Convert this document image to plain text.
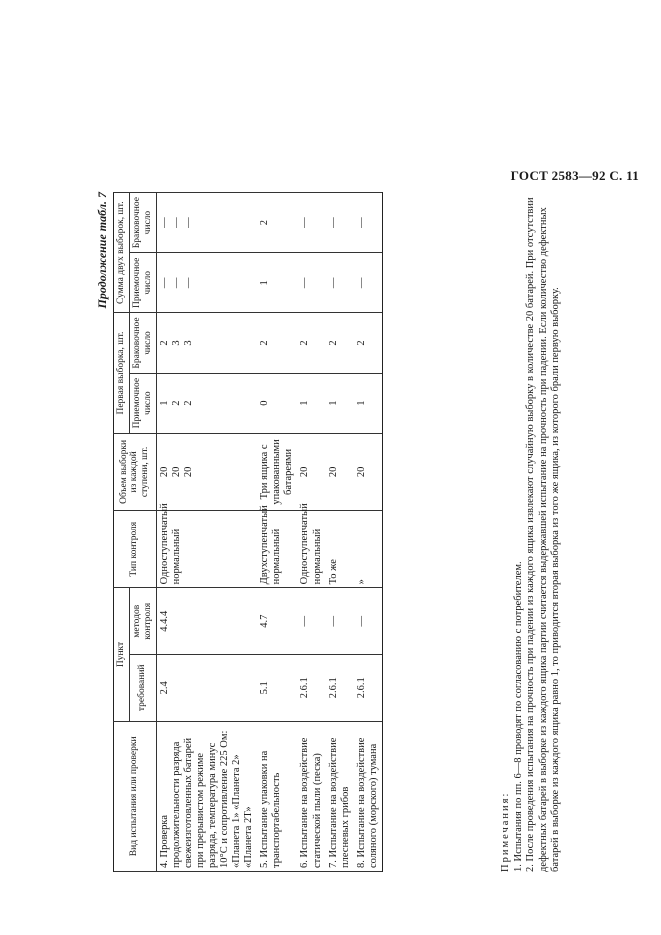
ГОСТ 2583—92 С. 11
Продолжение табл. 7
Вид испытания или проверки	Пункт		Тип контроля	Объем выборки из каждой ступени, шт.	Первая выборка, шт.		Сумма двух выборок, шт.	
	требований	методов контроля			Приемочное число	Браковочное число	Приемочное число	Браковочное число
4. Проверка продолжительности разряда свежеизготовленных батарей при прерывистом режиме разряда, температура минус 10°С и сопротивление 225 Ом: «Планета 1» «Планета 2» «Планета 2Т»	2.4	4.4.4	Одноступенчатый нормальный	20
20
20	1
2
2	2
3
3	—
—
—	—
—
—
5. Испытание упаковки на транспортабельность	5.1	4.7	Двухступенчатый нормальный	Три ящика с упакованными батареями	0	2	1	2
6. Испытание на воздействие статической пыли (песка)	2.6.1	—	Одноступенчатый нормальный	20	1	2	—	—
7. Испытание на воздействие плесневых грибов	2.6.1	—	То же	20	1	2	—	—
8. Испытание на воздействие соляного (морского) тумана	2.6.1	—	»	20	1	2	—	—

Примечания: 1. Испытания по пп. 6—8 проводят по согласованию с потребителем. 2. После проведения испытания на прочность при падении из каждого ящика извлекают случайную выборку в количестве 20 батарей. При отсутствии дефектных батарей в выборке из каждого ящика партии считается выдержавшей испытание на прочность при падении. Если количество дефектных батарей в выборке из каждого ящика равно 1, то приводится вторая выборка из того же ящика, из которого брали первую выборку.
